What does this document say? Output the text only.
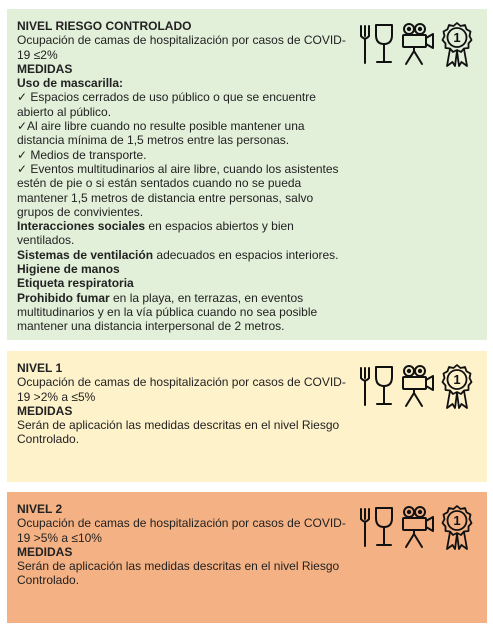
NIVEL RIESGO CONTROLADO
Ocupación de camas de hospitalización por casos de COVID-
19 ≤2%
MEDIDAS
Uso de mascarilla:
✓ Espacios cerrados de uso público o que se encuentre
abierto al público.
✓Al aire libre cuando no resulte posible mantener una
distancia mínima de 1,5 metros entre las personas.
✓ Medios de transporte.
✓ Eventos multitudinarios al aire libre, cuando los asistentes
estén de pie o si están sentados cuando no se pueda
mantener 1,5 metros de distancia entre personas, salvo
grupos de convivientes.
Interacciones sociales en espacios abiertos y bien
ventilados.
Sistemas de ventilación adecuados en espacios interiores.
Higiene de manos
Etiqueta respiratoria
Prohibido fumar en la playa, en terrazas, en eventos
multitudinarios y en la vía pública cuando no sea posible
mantener una distancia interpersonal de 2 metros.
1
NIVEL 1
Ocupación de camas de hospitalización por casos de COVID-
19 >2% a ≤5%
MEDIDAS
Serán de aplicación las medidas descritas en el nivel Riesgo
Controlado.
1
NIVEL 2
Ocupación de camas de hospitalización por casos de COVID-
19 >5% a ≤10%
MEDIDAS
Serán de aplicación las medidas descritas en el nivel Riesgo
Controlado.
1
